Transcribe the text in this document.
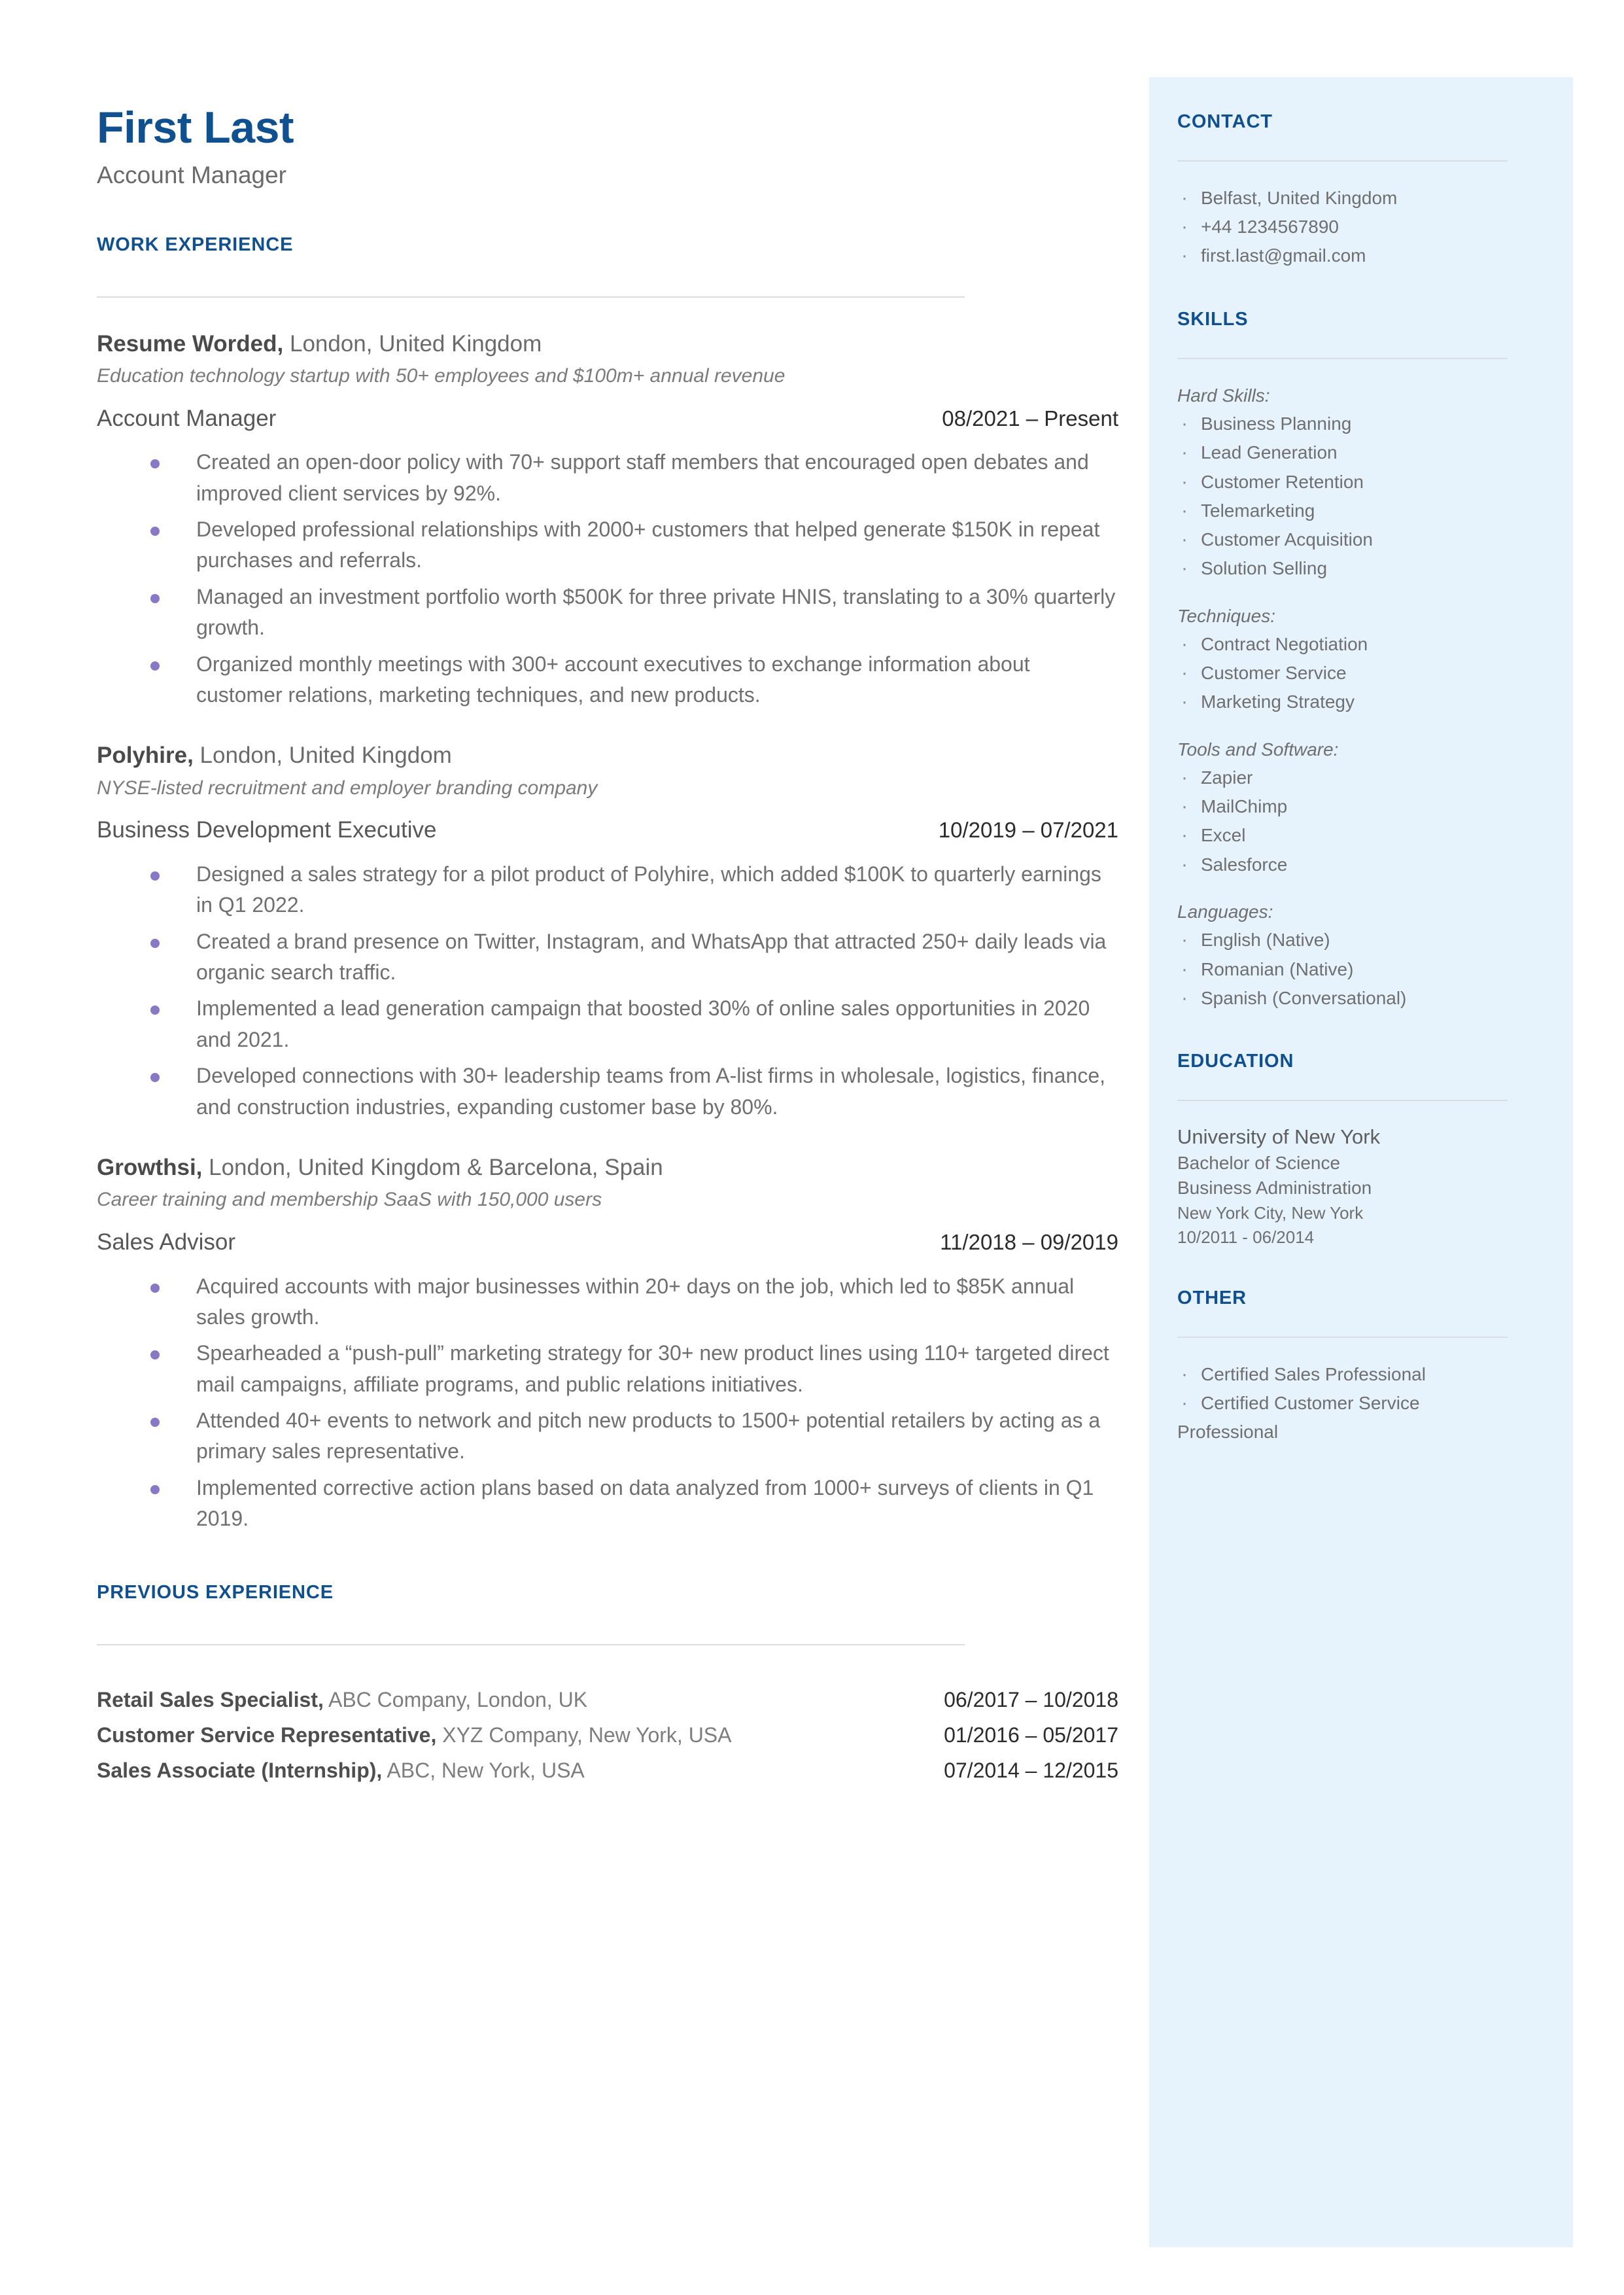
First Last
Account Manager
WORK EXPERIENCE
Resume Worded, London, United Kingdom
Education technology startup with 50+ employees and $100m+ annual revenue
Account Manager	08/2021 – Present
Created an open-door policy with 70+ support staff members that encouraged open debates and improved client services by 92%.
Developed professional relationships with 2000+ customers that helped generate $150K in repeat purchases and referrals.
Managed an investment portfolio worth $500K for three private HNIS, translating to a 30% quarterly growth.
Organized monthly meetings with 300+ account executives to exchange information about customer relations, marketing techniques, and new products.
Polyhire, London, United Kingdom
NYSE-listed recruitment and employer branding company
Business Development Executive	10/2019 – 07/2021
Designed a sales strategy for a pilot product of Polyhire, which added $100K to quarterly earnings in Q1 2022.
Created a brand presence on Twitter, Instagram, and WhatsApp that attracted 250+ daily leads via organic search traffic.
Implemented a lead generation campaign that boosted 30% of online sales opportunities in 2020 and 2021.
Developed connections with 30+ leadership teams from A-list firms in wholesale, logistics, finance, and construction industries, expanding customer base by 80%.
Growthsi, London, United Kingdom & Barcelona, Spain
Career training and membership SaaS with 150,000 users
Sales Advisor	11/2018 – 09/2019
Acquired accounts with major businesses within 20+ days on the job, which led to $85K annual sales growth.
Spearheaded a “push-pull” marketing strategy for 30+ new product lines using 110+ targeted direct mail campaigns, affiliate programs, and public relations initiatives.
Attended 40+ events to network and pitch new products to 1500+ potential retailers by acting as a primary sales representative.
Implemented corrective action plans based on data analyzed from 1000+ surveys of clients in Q1 2019.
PREVIOUS EXPERIENCE
Retail Sales Specialist, ABC Company, London, UK	06/2017 – 10/2018
Customer Service Representative, XYZ Company, New York, USA	01/2016 – 05/2017
Sales Associate (Internship), ABC, New York, USA	07/2014 – 12/2015
CONTACT
· Belfast, United Kingdom
· +44 1234567890
· first.last@gmail.com
SKILLS
Hard Skills:
· Business Planning
· Lead Generation
· Customer Retention
· Telemarketing
· Customer Acquisition
· Solution Selling
Techniques:
· Contract Negotiation
· Customer Service
· Marketing Strategy
Tools and Software:
· Zapier
· MailChimp
· Excel
· Salesforce
Languages:
· English (Native)
· Romanian (Native)
· Spanish (Conversational)
EDUCATION
University of New York
Bachelor of Science
Business Administration
New York City, New York
10/2011 - 06/2014
OTHER
· Certified Sales Professional
· Certified Customer Service
Professional
